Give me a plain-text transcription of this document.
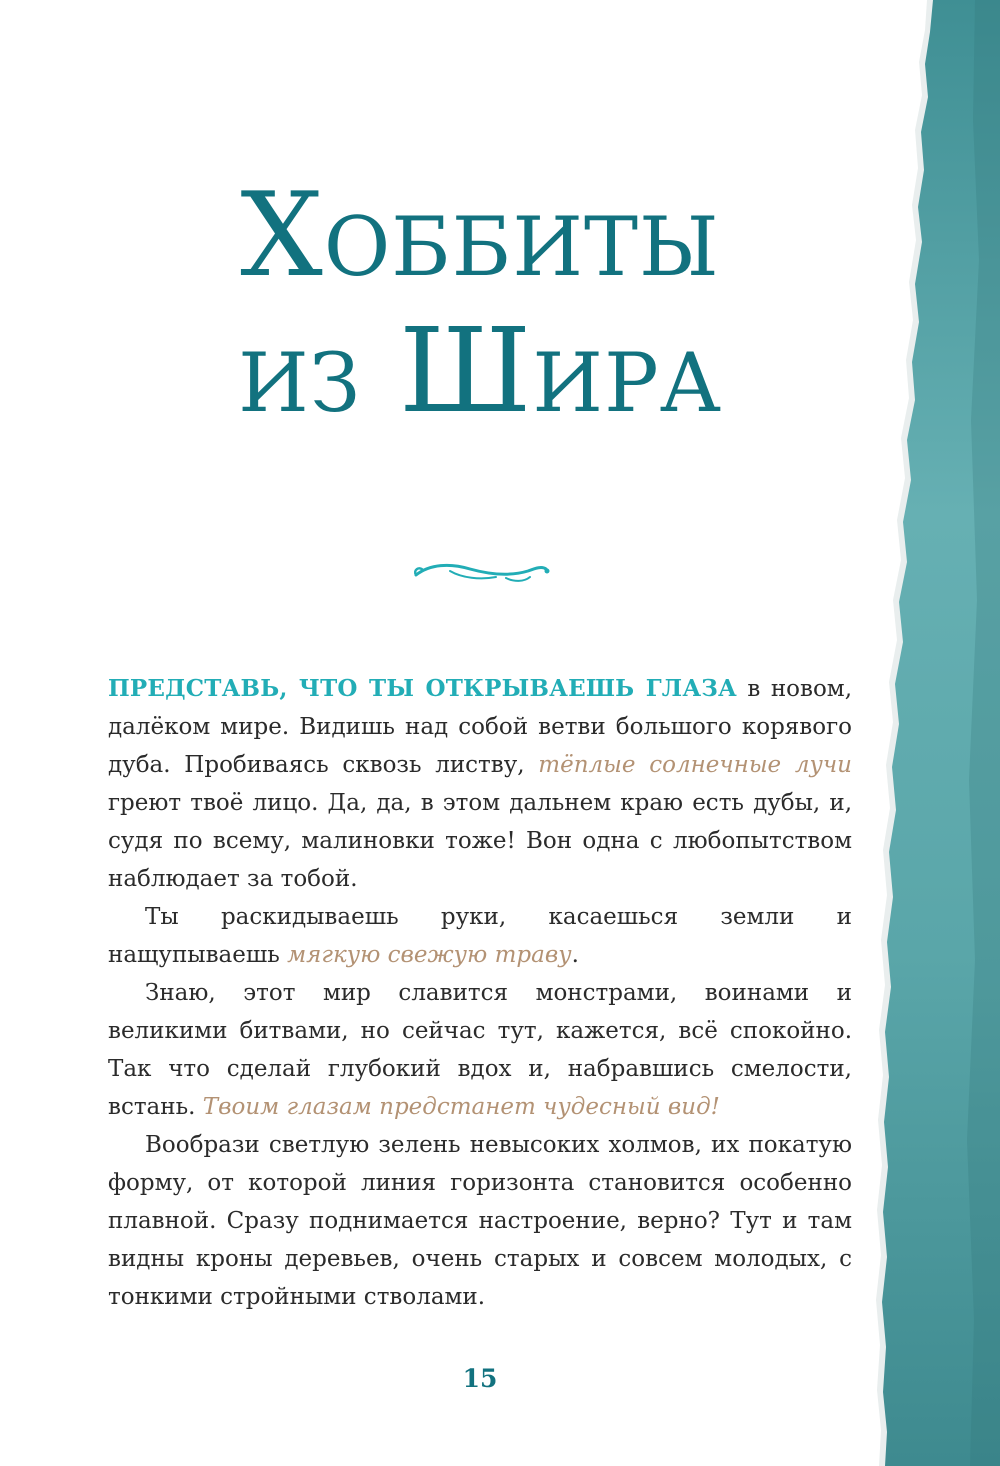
Хоббиты
из Шира

ПРЕДСТАВЬ, ЧТО ТЫ ОТКРЫВАЕШЬ ГЛАЗА в новом, далёком мире. Видишь над собой ветви большого корявого дуба. Пробиваясь сквозь листву, тёплые солнечные лучи греют твоё лицо. Да, да, в этом дальнем краю есть дубы, и, судя по всему, малиновки тоже! Вон одна с любопытством наблюдает за тобой.

Ты раскидываешь руки, касаешься земли и нащупываешь мягкую свежую траву.

Знаю, этот мир славится монстрами, воинами и великими битвами, но сейчас тут, кажется, всё спокойно. Так что сделай глубокий вдох и, набравшись смелости, встань. Твоим глазам предстанет чудесный вид!

Вообрази светлую зелень невысоких холмов, их покатую форму, от которой линия горизонта становится особенно плавной. Сразу поднимается настроение, верно? Тут и там видны кроны деревьев, очень старых и совсем молодых, с тонкими стройными стволами.

15
